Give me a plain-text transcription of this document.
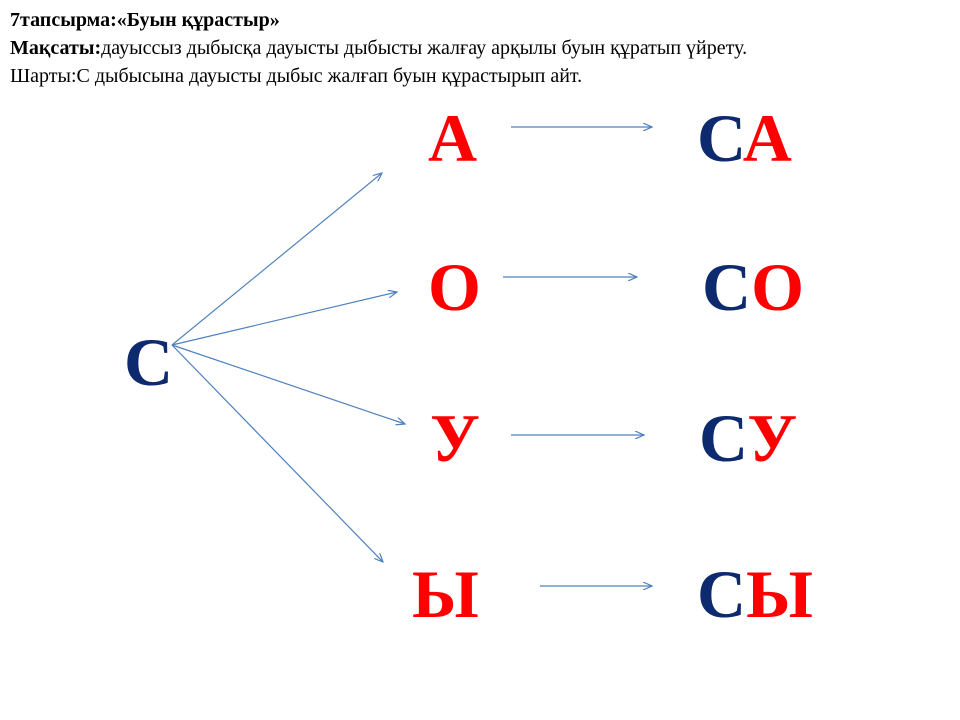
7тапсырма:«Буын құрастыр»
Мақсаты:дауыссыз дыбысқа дауысты дыбысты жалғау арқылы буын құратып үйрету.
Шарты:С дыбысына дауысты дыбыс жалғап буын құрастырып айт.
С
А
О
У
Ы
СА
СО
СУ
СЫ
